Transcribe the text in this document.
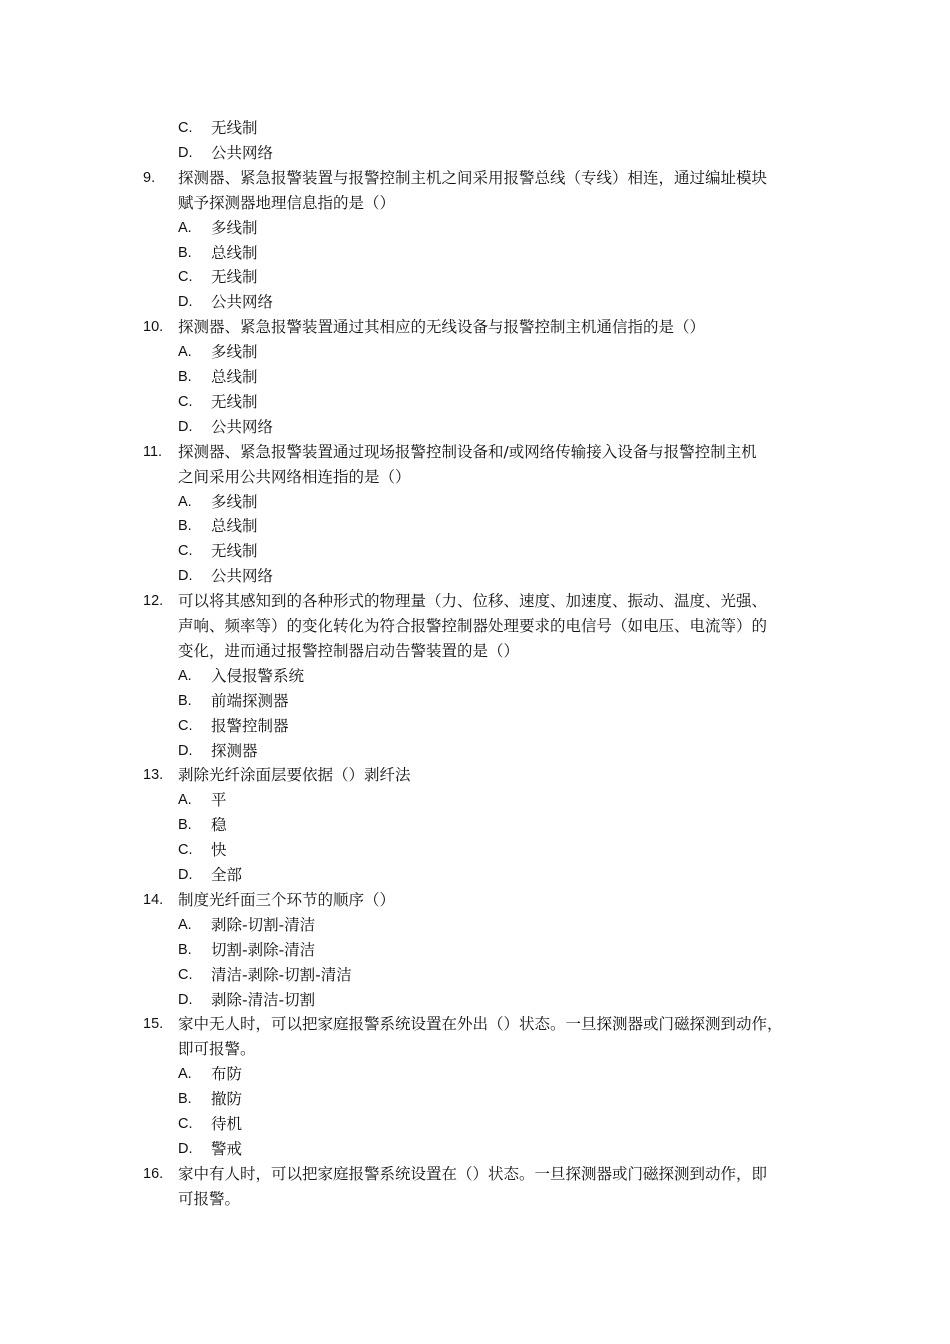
C. 无线制
D. 公共网络
9. 探测器、紧急报警装置与报警控制主机之间采用报警总线（专线）相连，通过编址模块
赋予探测器地理信息指的是（）
A. 多线制
B. 总线制
C. 无线制
D. 公共网络
10. 探测器、紧急报警装置通过其相应的无线设备与报警控制主机通信指的是（）
A. 多线制
B. 总线制
C. 无线制
D. 公共网络
11. 探测器、紧急报警装置通过现场报警控制设备和/或网络传输接入设备与报警控制主机
之间采用公共网络相连指的是（）
A. 多线制
B. 总线制
C. 无线制
D. 公共网络
12. 可以将其感知到的各种形式的物理量（力、位移、速度、加速度、振动、温度、光强、
声响、频率等）的变化转化为符合报警控制器处理要求的电信号（如电压、电流等）的
变化，进而通过报警控制器启动告警装置的是（）
A. 入侵报警系统
B. 前端探测器
C. 报警控制器
D. 探测器
13. 剥除光纤涂面层要依据（）剥纤法
A. 平
B. 稳
C. 快
D. 全部
14. 制度光纤面三个环节的顺序（）
A. 剥除-切割-清洁
B. 切割-剥除-清洁
C. 清洁-剥除-切割-清洁
D. 剥除-清洁-切割
15. 家中无人时，可以把家庭报警系统设置在外出（）状态。一旦探测器或门磁探测到动作，
即可报警。
A. 布防
B. 撤防
C. 待机
D. 警戒
16. 家中有人时，可以把家庭报警系统设置在（）状态。一旦探测器或门磁探测到动作，即
可报警。
